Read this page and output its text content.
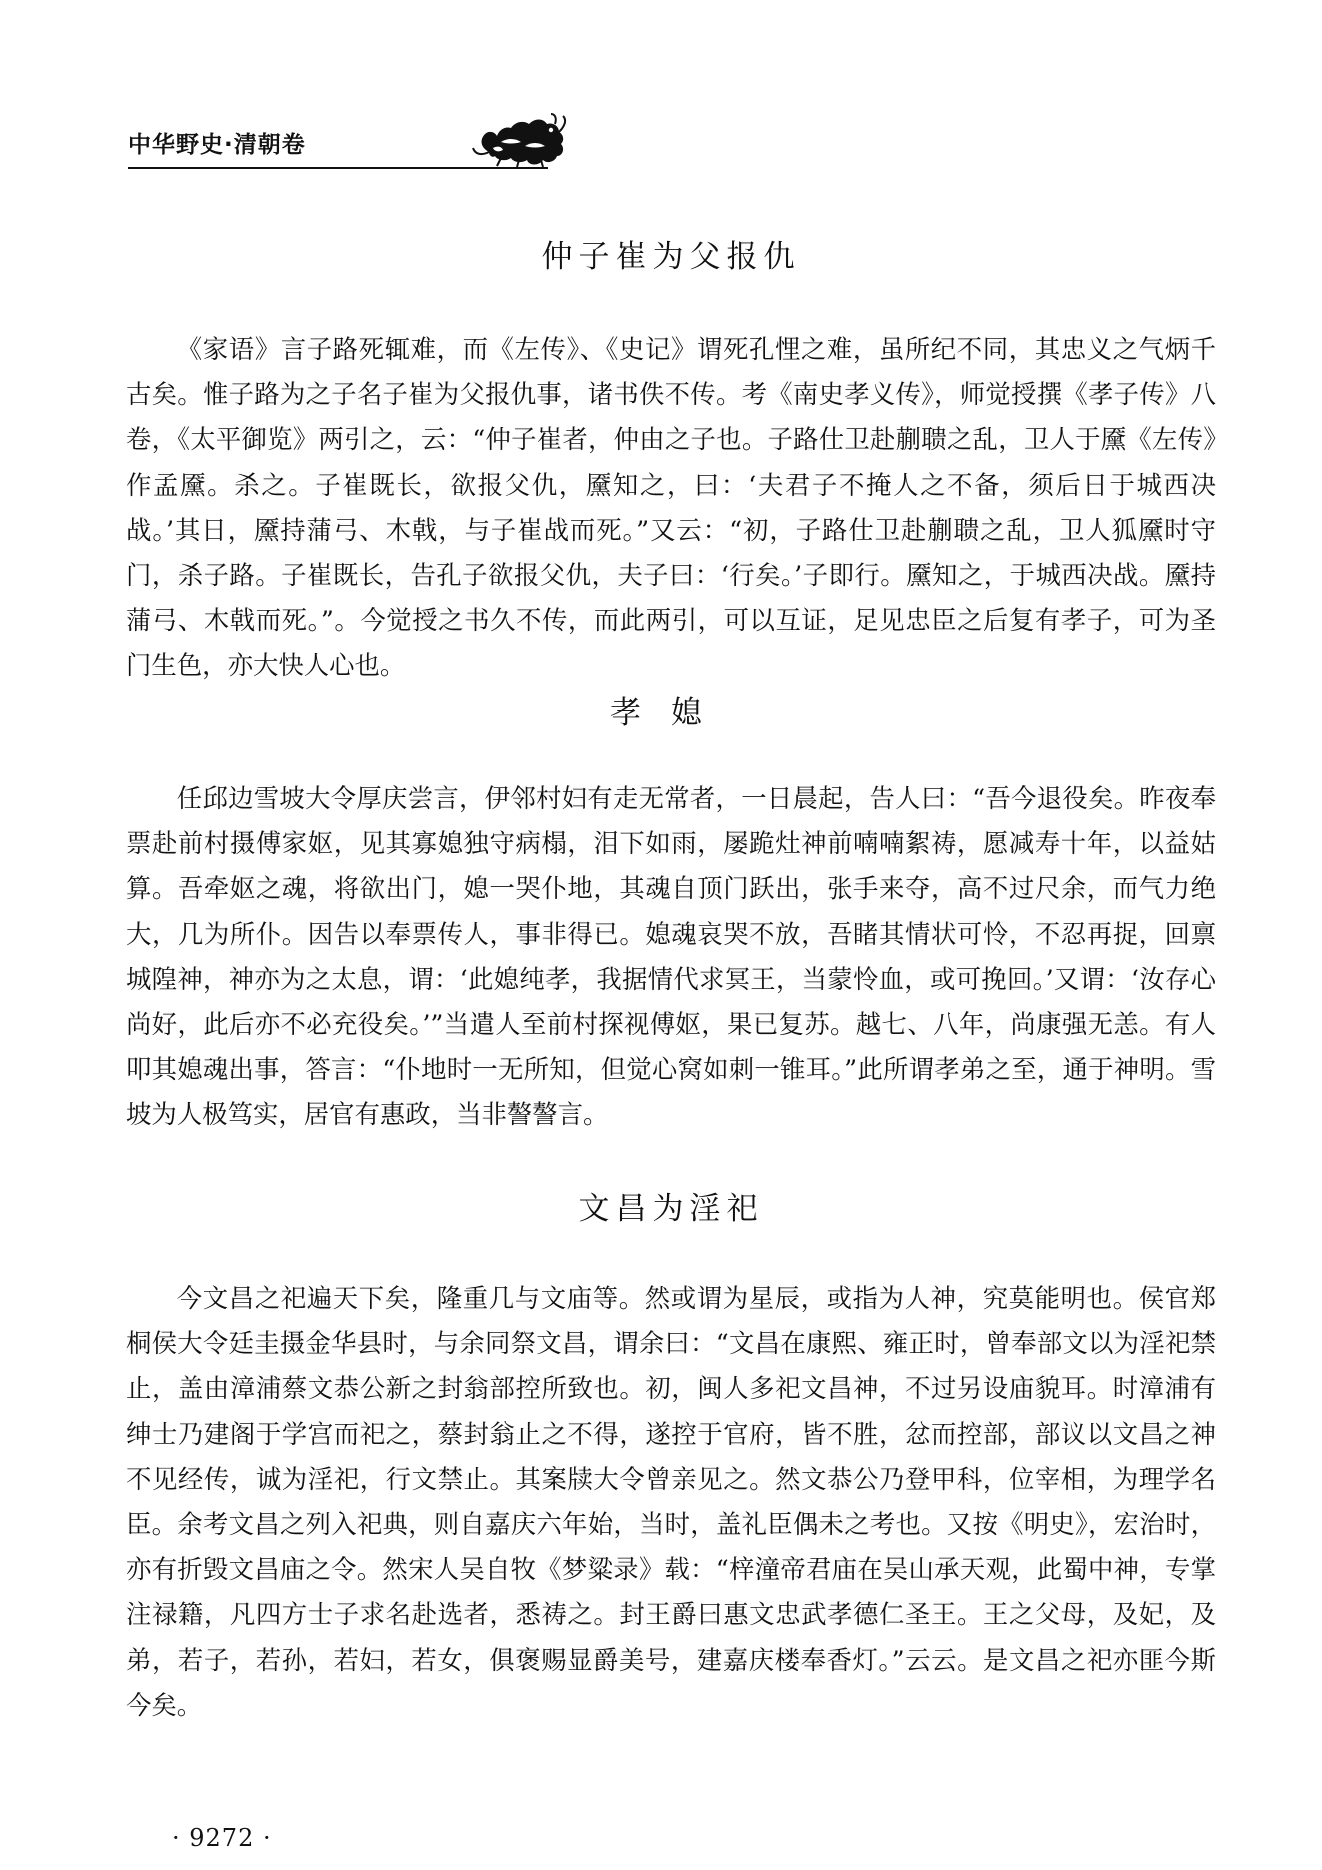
中华野史·清朝卷
仲子崔为父报仇

《家语》言子路死辄难，而《左传》、《史记》谓死孔悝之难，虽所纪不同，其忠义之气炳千古矣。惟子路为之子名子崔为父报仇事，诸书佚不传。考《南史孝义传》，师觉授撰《孝子传》八卷，《太平御览》两引之，云：“仲子崔者，仲由之子也。子路仕卫赴蒯聩之乱，卫人于黡《左传》作孟黡。杀之。子崔既长，欲报父仇，黡知之，曰：‘夫君子不掩人之不备，须后日于城西决战。’其日，黡持蒲弓、木戟，与子崔战而死。”又云：“初，子路仕卫赴蒯聩之乱，卫人狐黡时守门，杀子路。子崔既长，告孔子欲报父仇，夫子曰：‘行矣。’子即行。黡知之，于城西决战。黡持蒲弓、木戟而死。”。今觉授之书久不传，而此两引，可以互证，足见忠臣之后复有孝子，可为圣门生色，亦大快人心也。

孝媳

任邱边雪坡大令厚庆尝言，伊邻村妇有走无常者，一日晨起，告人曰：“吾今退役矣。昨夜奉票赴前村摄傅家妪，见其寡媳独守病榻，泪下如雨，屡跪灶神前喃喃絮祷，愿减寿十年，以益姑算。吾牵妪之魂，将欲出门，媳一哭仆地，其魂自顶门跃出，张手来夺，高不过尺余，而气力绝大，几为所仆。因告以奉票传人，事非得已。媳魂哀哭不放，吾睹其情状可怜，不忍再捉，回禀城隍神，神亦为之太息，谓：‘此媳纯孝，我据情代求冥王，当蒙怜血，或可挽回。’又谓：‘汝存心尚好，此后亦不必充役矣。’”当遣人至前村探视傅妪，果已复苏。越七、八年，尚康强无恙。有人叩其媳魂出事，答言：“仆地时一无所知，但觉心窝如刺一锥耳。”此所谓孝弟之至，通于神明。雪坡为人极笃实，居官有惠政，当非謷謷言。

文昌为淫祀

今文昌之祀遍天下矣，隆重几与文庙等。然或谓为星辰，或指为人神，究莫能明也。侯官郑桐侯大令廷圭摄金华县时，与余同祭文昌，谓余曰：“文昌在康熙、雍正时，曾奉部文以为淫祀禁止，盖由漳浦蔡文恭公新之封翁部控所致也。初，闽人多祀文昌神，不过另设庙貌耳。时漳浦有绅士乃建阁于学宫而祀之，蔡封翁止之不得，遂控于官府，皆不胜，忿而控部，部议以文昌之神不见经传，诚为淫祀，行文禁止。其案牍大令曾亲见之。然文恭公乃登甲科，位宰相，为理学名臣。余考文昌之列入祀典，则自嘉庆六年始，当时，盖礼臣偶未之考也。又按《明史》，宏治时，亦有折毁文昌庙之令。然宋人吴自牧《梦粱录》载：“梓潼帝君庙在吴山承天观，此蜀中神，专掌注禄籍，凡四方士子求名赴选者，悉祷之。封王爵曰惠文忠武孝德仁圣王。王之父母，及妃，及弟，若子，若孙，若妇，若女，俱褒赐显爵美号，建嘉庆楼奉香灯。”云云。是文昌之祀亦匪今斯今矣。

· 9272 ·
